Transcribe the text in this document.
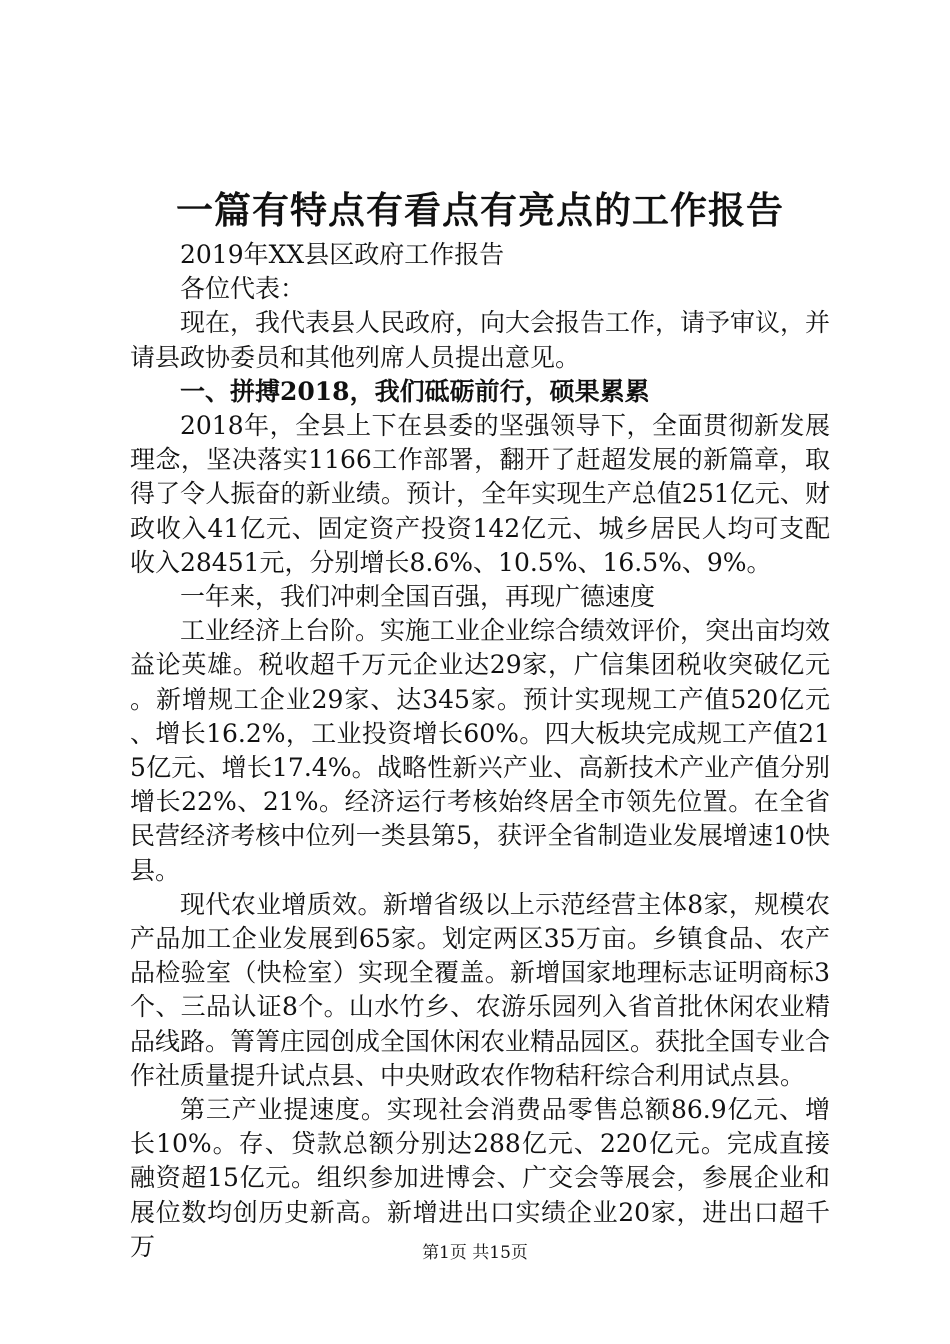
一篇有特点有看点有亮点的工作报告

2019年XX县区政府工作报告

各位代表：

现在，我代表县人民政府，向大会报告工作，请予审议，并请县政协委员和其他列席人员提出意见。

一、拼搏2018，我们砥砺前行，硕果累累

2018年，全县上下在县委的坚强领导下，全面贯彻新发展理念，坚决落实1166工作部署，翻开了赶超发展的新篇章，取得了令人振奋的新业绩。预计，全年实现生产总值251亿元、财政收入41亿元、固定资产投资142亿元、城乡居民人均可支配收入28451元，分别增长8.6%、10.5%、16.5%、9%。

一年来，我们冲刺全国百强，再现广德速度

工业经济上台阶。实施工业企业综合绩效评价，突出亩均效益论英雄。税收超千万元企业达29家，广信集团税收突破亿元。新增规工企业29家、达345家。预计实现规工产值520亿元、增长16.2%，工业投资增长60%。四大板块完成规工产值215亿元、增长17.4%。战略性新兴产业、高新技术产业产值分别增长22%、21%。经济运行考核始终居全市领先位置。在全省民营经济考核中位列一类县第5，获评全省制造业发展增速10快县。

现代农业增质效。新增省级以上示范经营主体8家，规模农产品加工企业发展到65家。划定两区35万亩。乡镇食品、农产品检验室（快检室）实现全覆盖。新增国家地理标志证明商标3个、三品认证8个。山水竹乡、农游乐园列入省首批休闲农业精品线路。箐箐庄园创成全国休闲农业精品园区。获批全国专业合作社质量提升试点县、中央财政农作物秸秆综合利用试点县。

第三产业提速度。实现社会消费品零售总额86.9亿元、增长10%。存、贷款总额分别达288亿元、220亿元。完成直接融资超15亿元。组织参加进博会、广交会等展会，参展企业和展位数均创历史新高。新增进出口实绩企业20家，进出口超千万	第1页 共15页
